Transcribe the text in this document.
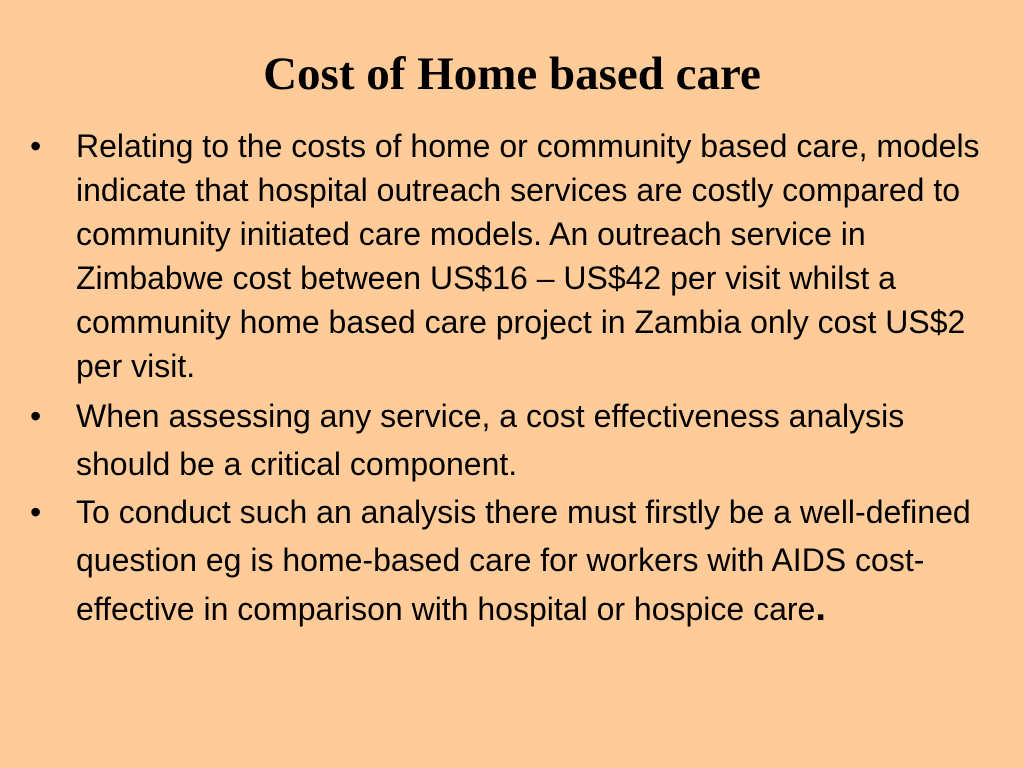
Cost of Home based care
•	Relating to the costs of home or community based care, models indicate that hospital outreach services are costly compared to community initiated care models. An outreach service in Zimbabwe cost between US$16 – US$42 per visit whilst a community home based care project in Zambia only cost US$2 per visit.
•	When assessing any service, a cost effectiveness analysis should be a critical component.
•	To conduct such an analysis there must firstly be a well-defined question eg is home-based care for workers with AIDS cost-effective in comparison with hospital or hospice care.
